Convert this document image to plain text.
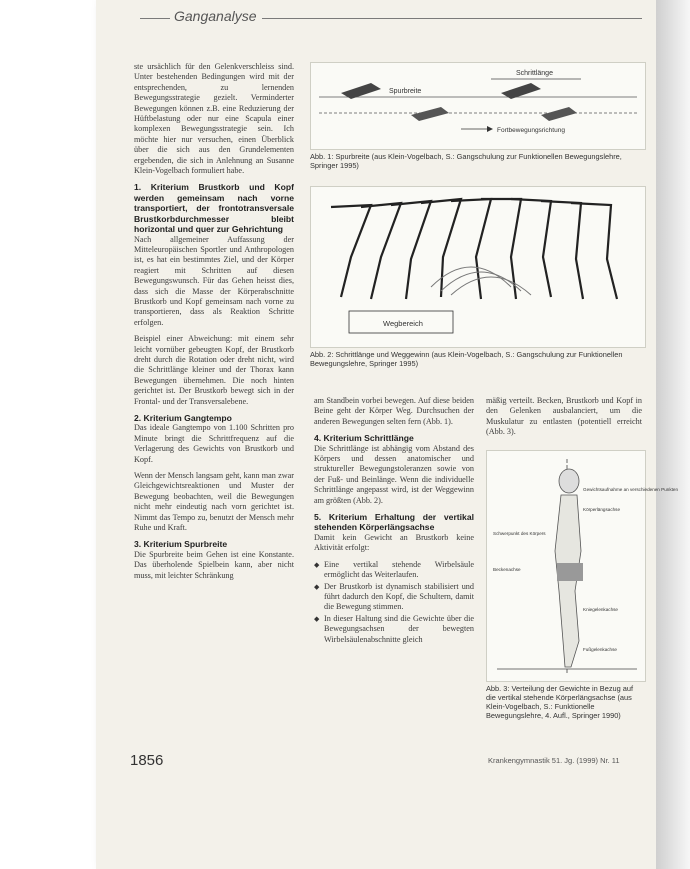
Ganganalyse

ste ursächlich für den Gelenkverschleiss sind. Unter bestehenden Bedingungen wird mit der entsprechenden, zu lernenden Bewegungsstrategie gezielt. Verminderter Bewegungen können z.B. eine Reduzierung der Hüftbelastung oder nur eine Scapula einer komplexen Bewegungsstrategie sein. Ich möchte hier nur versuchen, einen Überblick über die sich aus den Grundelementen ergebenden, die sich in Anlehnung an Susanne Klein-Vogelbach formuliert habe.

1. Kriterium Brustkorb und Kopf werden gemeinsam nach vorne transportiert, der frontotransversale Brustkorbdurchmesser bleibt horizontal und quer zur Gehrichtung

Nach allgemeiner Auffassung der Mitteleuropäischen Sportler und Anthropologen ist, es hat ein bestimmtes Ziel, und der Körper reagiert mit Schritten auf diesen Bewegungswunsch. Für das Gehen heisst dies, dass sich die Masse der Körperabschnitte Brustkorb und Kopf gemeinsam nach vorne zu transportieren, dass als Reaktion Schritte erfolgen.

Beispiel einer Abweichung: mit einem sehr leicht vornüber gebeugten Kopf, der Brustkorb dreht durch die Rotation oder dreht nicht, wird die Schrittlänge kleiner und der Thorax kann Bewegungen übernehmen. Die noch hinten gerichtet ist. Der Brustkorb bewegt sich in der Frontal- und der Transversalebene.

2. Kriterium Gangtempo

Das ideale Gangtempo von 1.100 Schritten pro Minute bringt die Schrittfrequenz auf die Verlagerung des Gewichts von Brustkorb und Kopf.

Wenn der Mensch langsam geht, kann man zwar Gleichgewichtsreaktionen und Muster der Bewegung beobachten, weil die Bewegungen nicht mehr eindeutig nach vorn gerichtet ist. Nimmt das Tempo zu, benutzt der Mensch mehr Ruhe und Kraft.

3. Kriterium Spurbreite

Die Spurbreite beim Gehen ist eine Konstante. Das überholende Spielbein kann, aber nicht muss, mit leichter Schränkung

Schrittlänge
Spurbreite
Fortbewegungsrichtung
Abb. 1: Spurbreite (aus Klein-Vogelbach, S.: Gangschulung zur Funktionellen Bewegungslehre, Springer 1995)
Wegbereich
Abb. 2: Schrittlänge und Weggewinn (aus Klein-Vogelbach, S.: Gangschulung zur Funktionellen Bewegungslehre, Springer 1995)

am Standbein vorbei bewegen. Auf diese beiden Beine geht der Körper Weg. Durchsuchen der anderen Bewegungen selten fern (Abb. 1).

4. Kriterium Schrittlänge

Die Schrittlänge ist abhängig vom Abstand des Körpers und dessen anatomischer und struktureller Bewegungstoleranzen sowie von der Fuß- und Beinlänge. Wenn die individuelle Schrittlänge angepasst wird, ist der Weggewinn am größten (Abb. 2).

5. Kriterium Erhaltung der vertikal stehenden Körperlängsachse

Damit kein Gewicht an Brustkorb keine Aktivität erfolgt:

◆ Eine vertikal stehende Wirbelsäule ermöglicht das Weiterlaufen.
◆ Der Brustkorb ist dynamisch stabilisiert und führt dadurch den Kopf, die Schultern, damit die Bewegung stimmen.
◆ In dieser Haltung sind die Gewichte über die Bewegungsachsen der bewegten Wirbelsäulenabschnitte gleich

mäßig verteilt. Becken, Brustkorb und Kopf in den Gelenken ausbalanciert, um die Muskulatur zu entlasten (potentiell erreicht (Abb. 3).

Gewichtsaufnahme an verschiedenen Punkten
Körperlängsachse
Schwerpunkt des Körpers
Beckenachse
Kniegelenkachse
Fußgelenkachse
Abb. 3: Verteilung der Gewichte in Bezug auf die vertikal stehende Körperlängsachse (aus Klein-Vogelbach, S.: Funktionelle Bewegungslehre, 4. Aufl., Springer 1990)
1856	Krankengymnastik 51. Jg. (1999) Nr. 11
